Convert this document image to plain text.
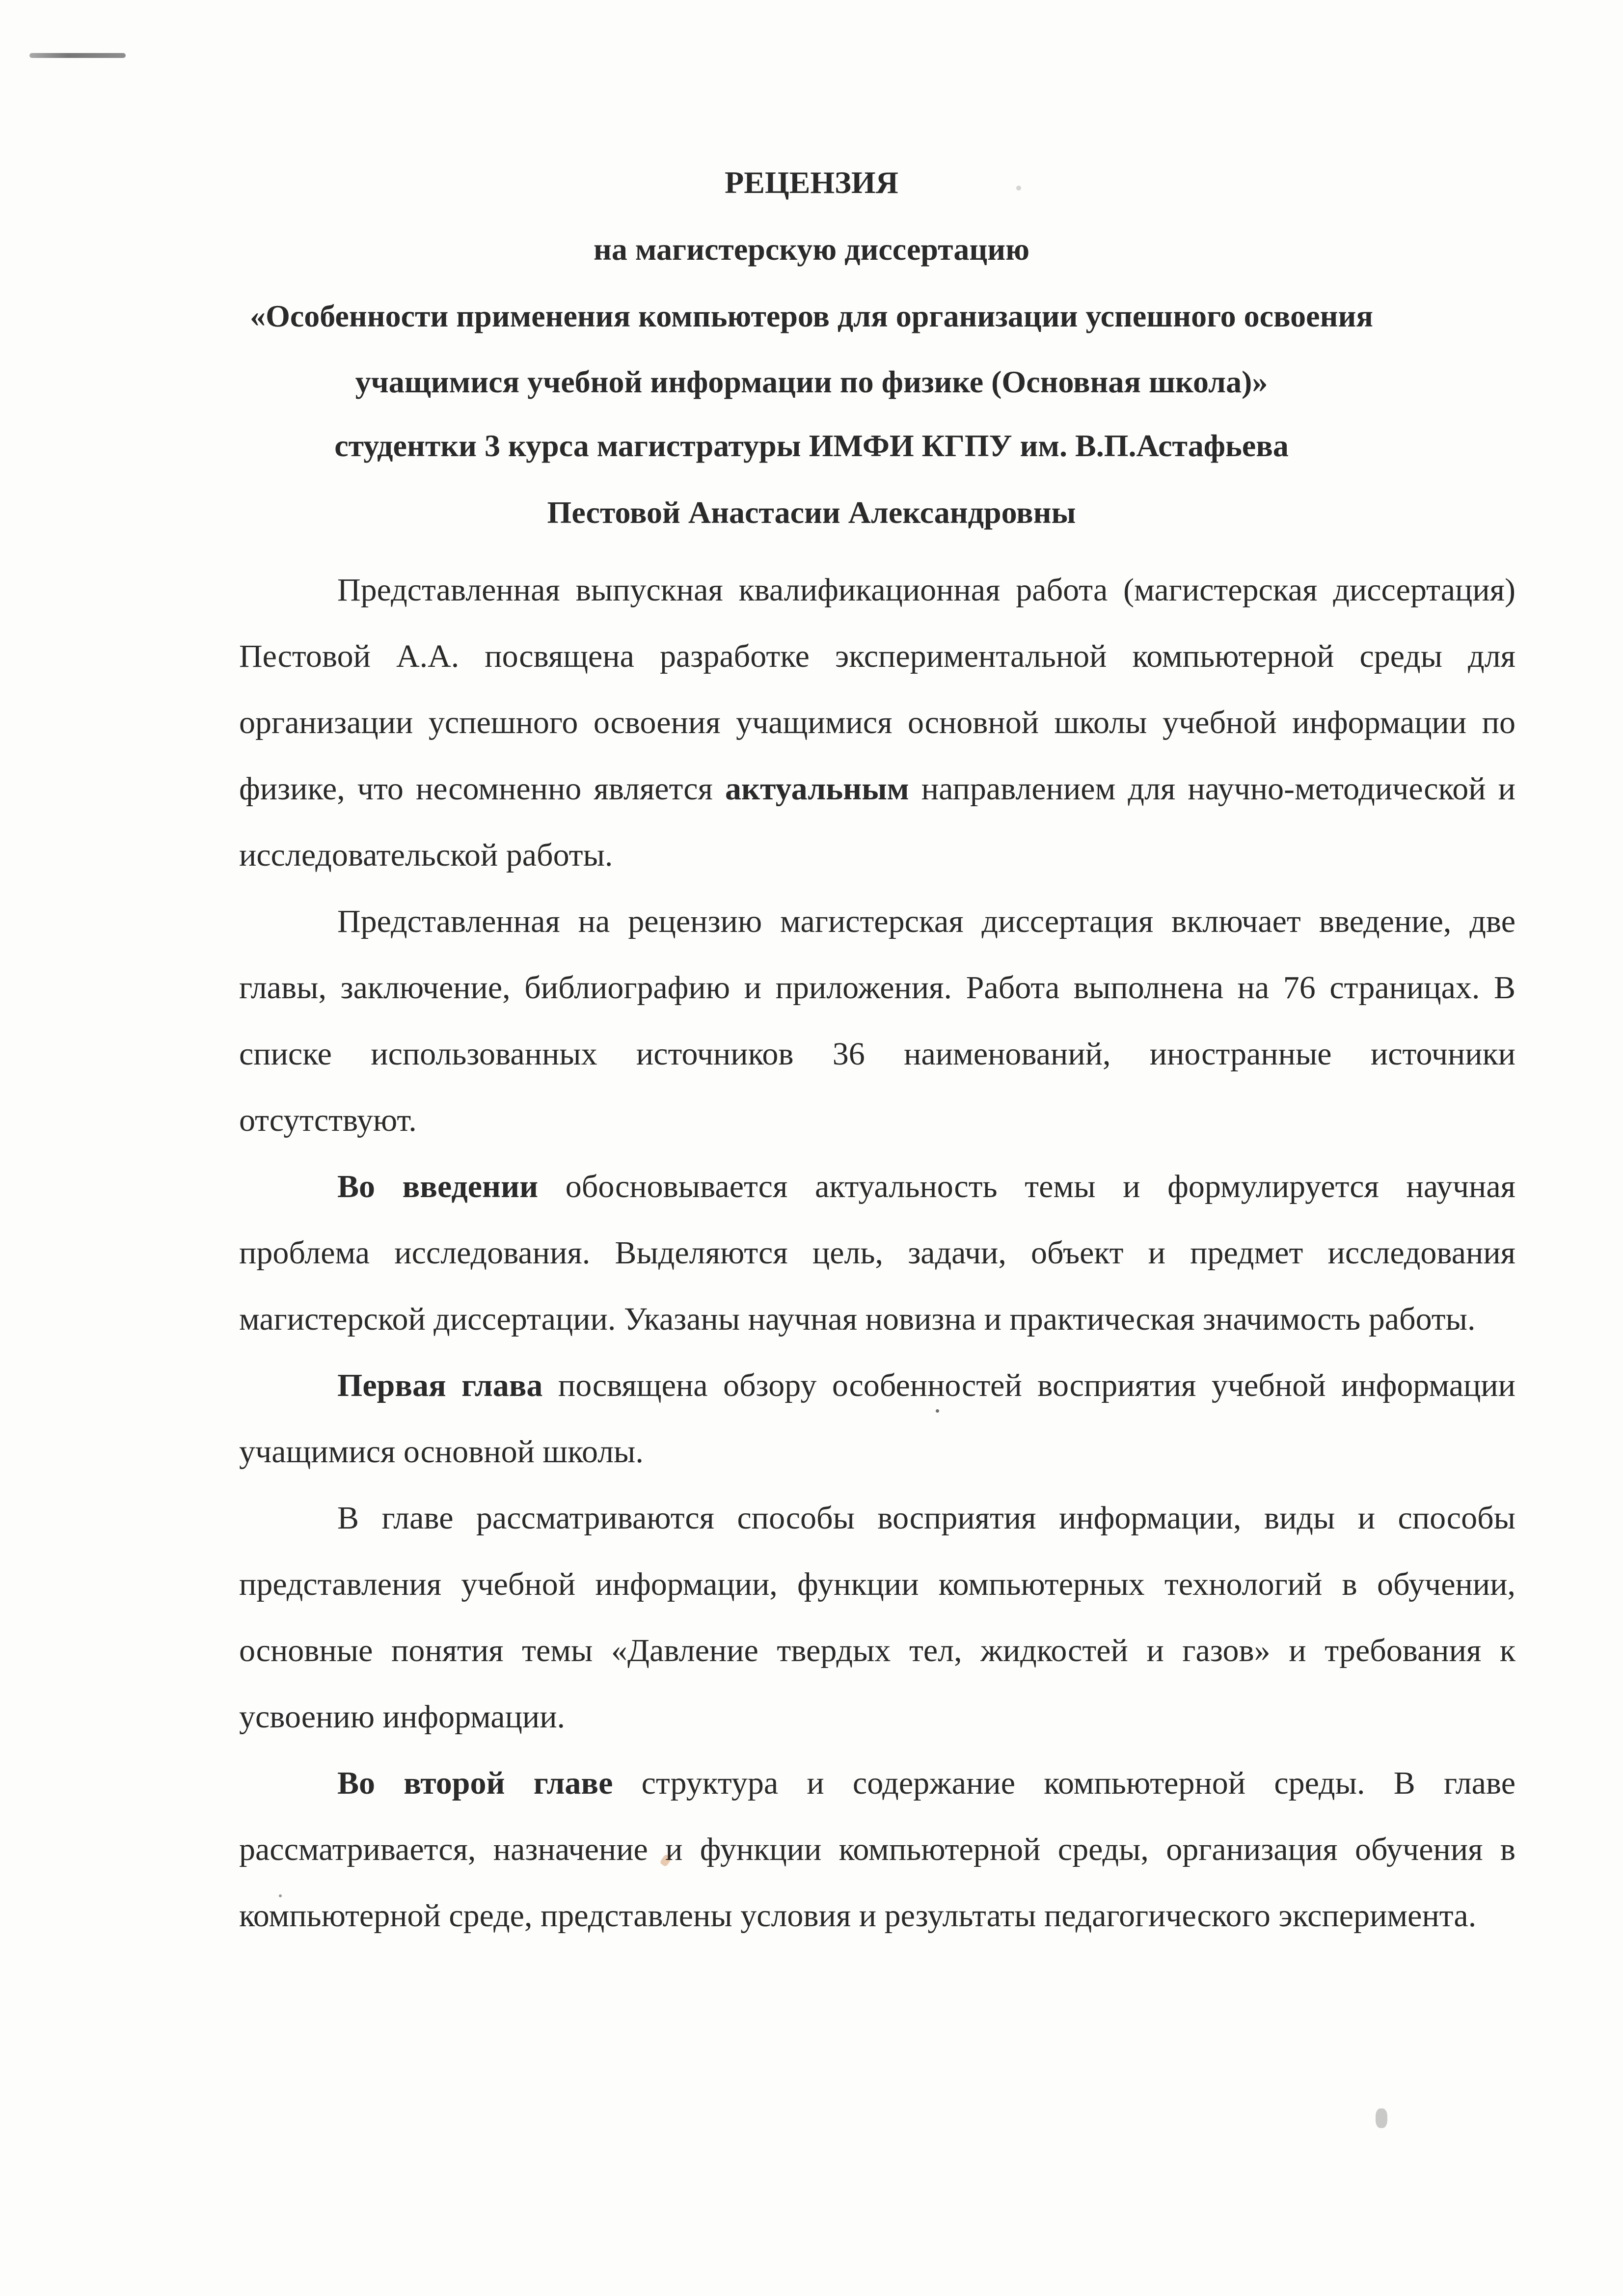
РЕЦЕНЗИЯ
на магистерскую диссертацию
«Особенности применения компьютеров для организации успешного освоения
учащимися учебной информации по физике (Основная школа)»
студентки 3 курса магистратуры ИМФИ КГПУ им. В.П.Астафьева
Пестовой Анастасии Александровны

Представленная выпускная квалификационная работа (магистерская диссертация) Пестовой А.А. посвящена разработке экспериментальной компьютерной среды для организации успешного освоения учащимися основной школы учебной информации по физике, что несомненно является актуальным направлением для научно-методической и исследовательской работы.

Представленная на рецензию магистерская диссертация включает введение, две главы, заключение, библиографию и приложения. Работа выполнена на 76 страницах. В списке использованных источников 36 наименований, иностранные источники отсутствуют.

Во введении обосновывается актуальность темы и формулируется научная проблема исследования. Выделяются цель, задачи, объект и предмет исследования магистерской диссертации. Указаны научная новизна и практическая значимость работы.

Первая глава посвящена обзору особенностей восприятия учебной информации учащимися основной школы.

В главе рассматриваются способы восприятия информации, виды и способы представления учебной информации, функции компьютерных технологий в обучении, основные понятия темы «Давление твердых тел, жидкостей и газов» и требования к усвоению информации.

Во второй главе структура и содержание компьютерной среды. В главе рассматривается, назначение и функции компьютерной среды, организация обучения в компьютерной среде, представлены условия и результаты педагогического эксперимента.
